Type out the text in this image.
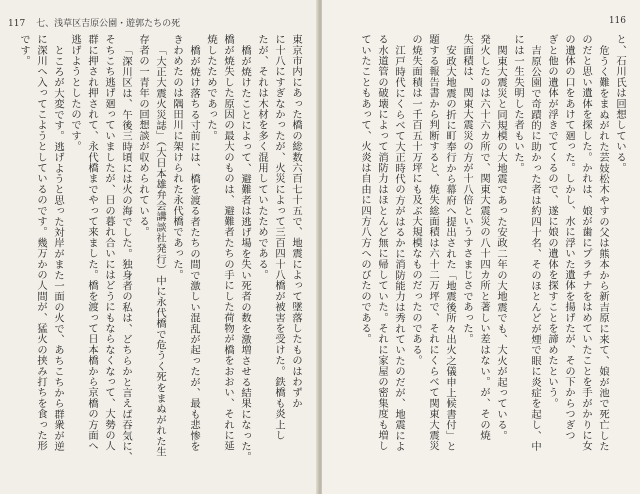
117 七、浅草区吉原公園・遊郭たちの死
東京市内にあった橋の総数六百七十五で、地震によって墜落したものはわずか
に十八にすぎなかったが、火災によって三百四十八橋が被害を受けた。鉄橋も炎上し
たが、それは木材を多く混用していたためである。
橋が焼けたことによって、避難者は逃げ場を失い死者の数を激増させる結果になった。
橋が焼失した原因の最大のものは、避難者たちの手にした荷物が橋をおおい、それに延
焼したためであった。
橋が焼け落ちる寸前には、橋を渡る者たちの間で激しい混乱が起ったが、最も悲惨を
きわめたのは隅田川に架けられた永代橋であった。
「大正大震火災誌」（大日本雄弁会講談社発行）中に永代橋で危うく死をまぬがれた生
存者の一青年の回想談が収められている。
「深川区は、午後三時頃には火の海でした。独身者の私は、どちらかと言えば吞気に、
そちこち逃げ廻っていましたが、日の暮れ合いにはどうにもならなくなって、大勢の人
群に押され押されて、永代橋までやって来ました。橋を渡って日本橋から京橋の方面へ
逃げようとしたのです。
ところが大変です。逃げようと思った対岸がまた一面の火で、あちこちから群衆が逆
に深川へ入ってこようとしているのです。幾万かの人間が、猛火の挟み打ちを食った形
です。
116
と、石川氏は回想している。
危うく難をまぬがれた芸妓松木やすの父は熊本から新吉原に来て、娘が池で死亡した
のだと思い遺体を探した。かれは、娘が歯にプラチナをはめていたことを手がかりに女
の遺体の口をあけて廻った。しかし、水に浮いた遺体を揚げたが、その下からつぎつ
ぎと他の遺体が浮きでてくるので、遂に娘の遺体を探すことを諦めたという。
吉原公園で奇蹟的に助かった者は約四十名、そのほとんどが煙で眼に炎症を起し、中
には一生失明した者もいた。
関東大震災と同規模の大地震であった安政二年の大地震でも、大火が起っている。
発火したのは六十六カ所で、関東大震災の八十四カ所と著しい差はない。が、その焼
失面積は、関東大震災の方が十八倍というすさまじさであった。
安政大地震の折に町奉行から幕府へ提出された「地震後所々出火之儀申上候書付」と
題する報告書から判断すると、焼失総面積は六十二万坪で、それにくらべて関東大震災
の焼失面積は一千百五十万坪にも及ぶ大規模なものだったのである。
江戸時代にくらべて大正時代の方がはるかに消防能力は秀れていたのだが、地震によ
る水道管の破壊によって消防力はほとんど無に帰していた。それに家屋の密集度も増し
ていたこともあって、火炎は自由に四方八方へのびたのである。
